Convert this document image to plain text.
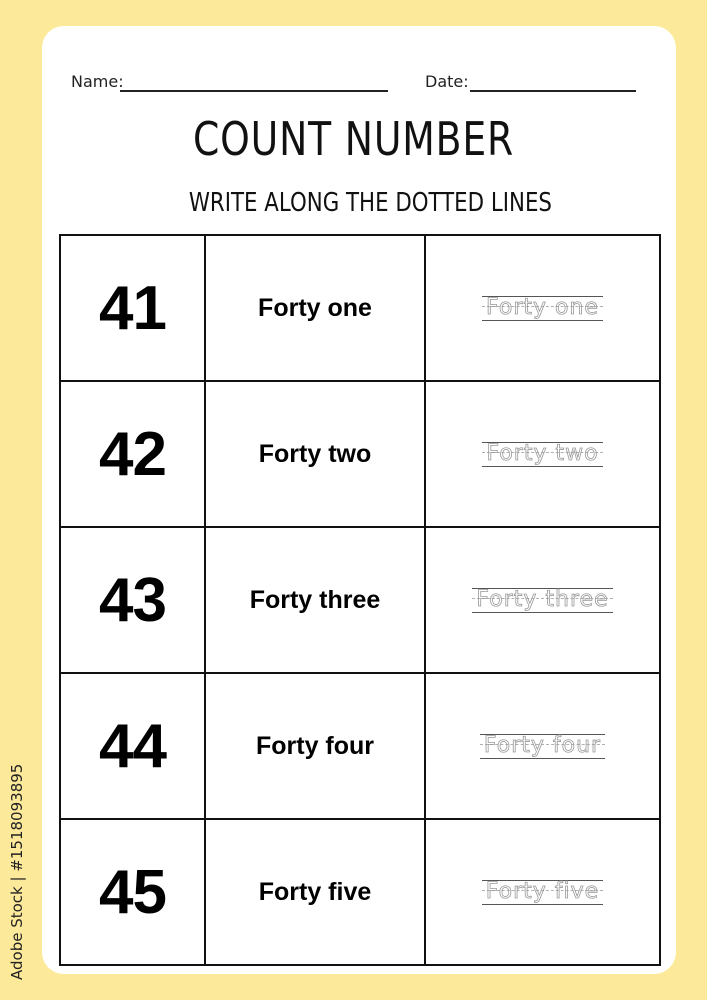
Name:	Date:
COUNT NUMBER
WRITE ALONG THE DOTTED LINES
41	Forty one	Forty one
42	Forty two	Forty two
43	Forty three	Forty three
44	Forty four	Forty four
45	Forty five	Forty five
Adobe Stock | #1518093895
